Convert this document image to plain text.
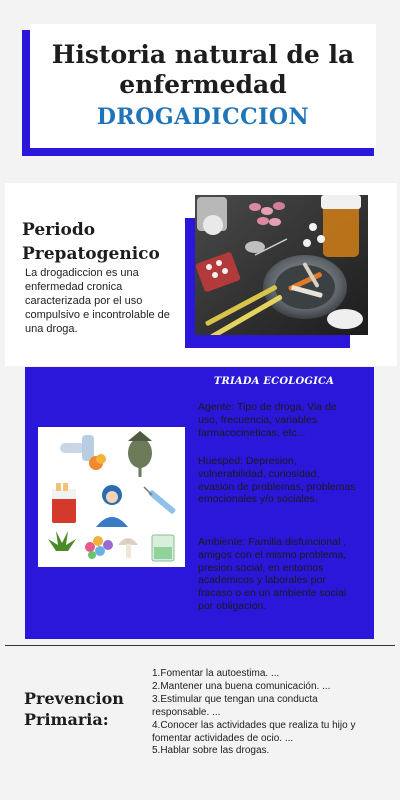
Historia natural de la enfermedad
DROGADICCION
Periodo Prepatogenico
La drogadiccion es una enfermedad cronica caracterizada por el uso compulsivo e incontrolable de una droga.
TRIADA ECOLOGICA
Agente: Tipo de droga, Via de uso, frecuencia, variables farmacocineticas, etc...
Huesped: Depresion, vulnerabilidad, curiosidad, evasion de problemas, problemas emocionales y/o sociales.
Ambiente: Familia disfuncional , amigos con el mismo problema, presion social, en entornos academicos y laborales por fracaso o en un ambiente social por obligacion.
Prevencion Primaria:
1.Fomentar la autoestima. ...
2.Mantener una buena comunicación. ...
3.Estimular que tengan una conducta responsable. ...
4.Conocer las actividades que realiza tu hijo y fomentar actividades de ocio. ...
5.Hablar sobre las drogas.
